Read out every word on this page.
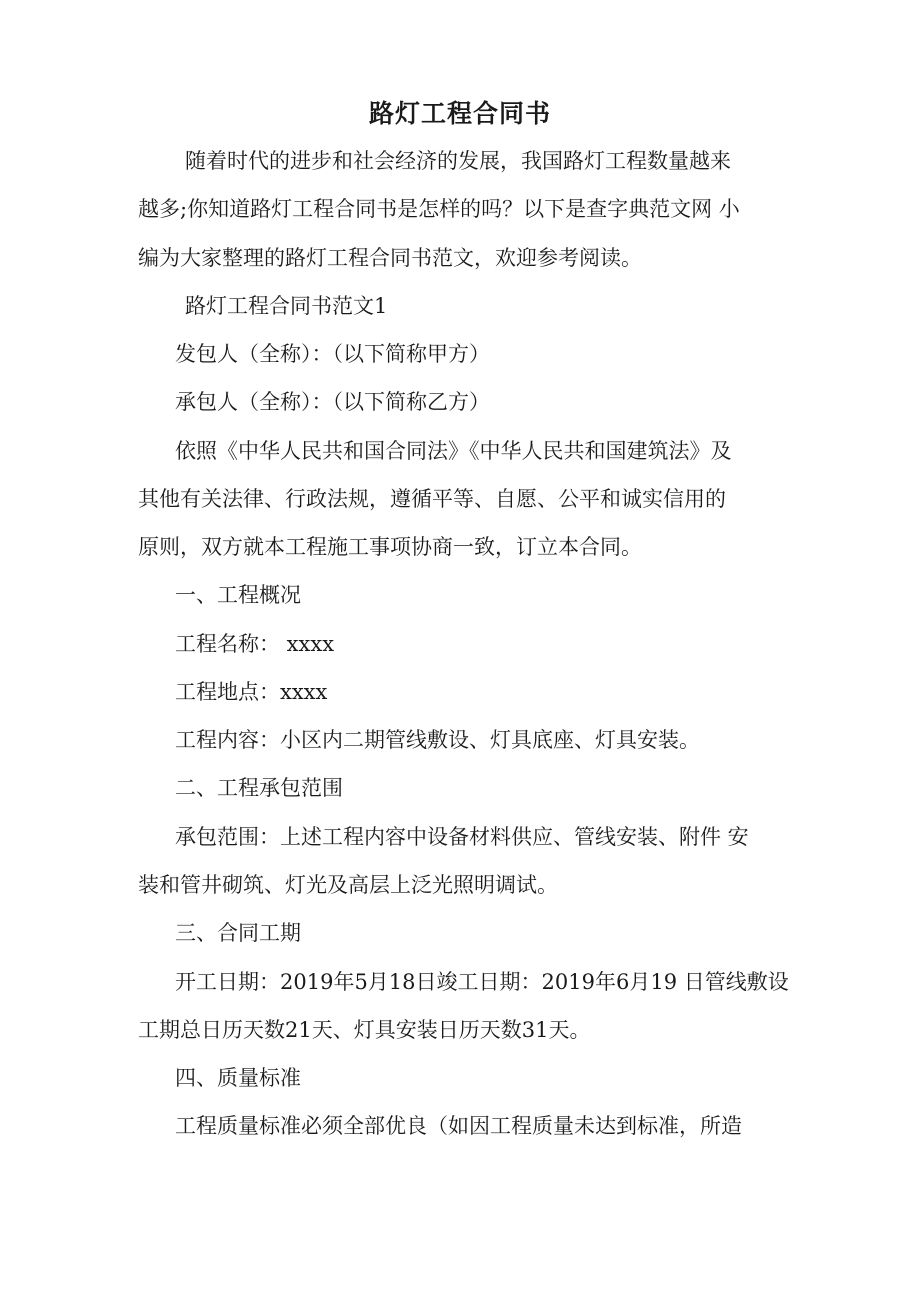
路灯工程合同书
随着时代的进步和社会经济的发展，我国路灯工程数量越来
越多;你知道路灯工程合同书是怎样的吗？以下是查字典范文网 小
编为大家整理的路灯工程合同书范文，欢迎参考阅读。
路灯工程合同书范文1
发包人（全称）：（以下简称甲方）
承包人（全称）：（以下简称乙方）
依照《中华人民共和国合同法》《中华人民共和国建筑法》及
其他有关法律、行政法规，遵循平等、自愿、公平和诚实信用的
原则，双方就本工程施工事项协商一致，订立本合同。
一、工程概况
工程名称： xxxx
工程地点：xxxx
工程内容：小区内二期管线敷设、灯具底座、灯具安装。
二、工程承包范围
承包范围：上述工程内容中设备材料供应、管线安装、附件 安
装和管井砌筑、灯光及高层上泛光照明调试。
三、合同工期
开工日期：2019年5月18日竣工日期：2019年6月19 日管线敷设
工期总日历天数21天、灯具安装日历天数31天。
四、质量标准
工程质量标准必须全部优良（如因工程质量未达到标准，所造
